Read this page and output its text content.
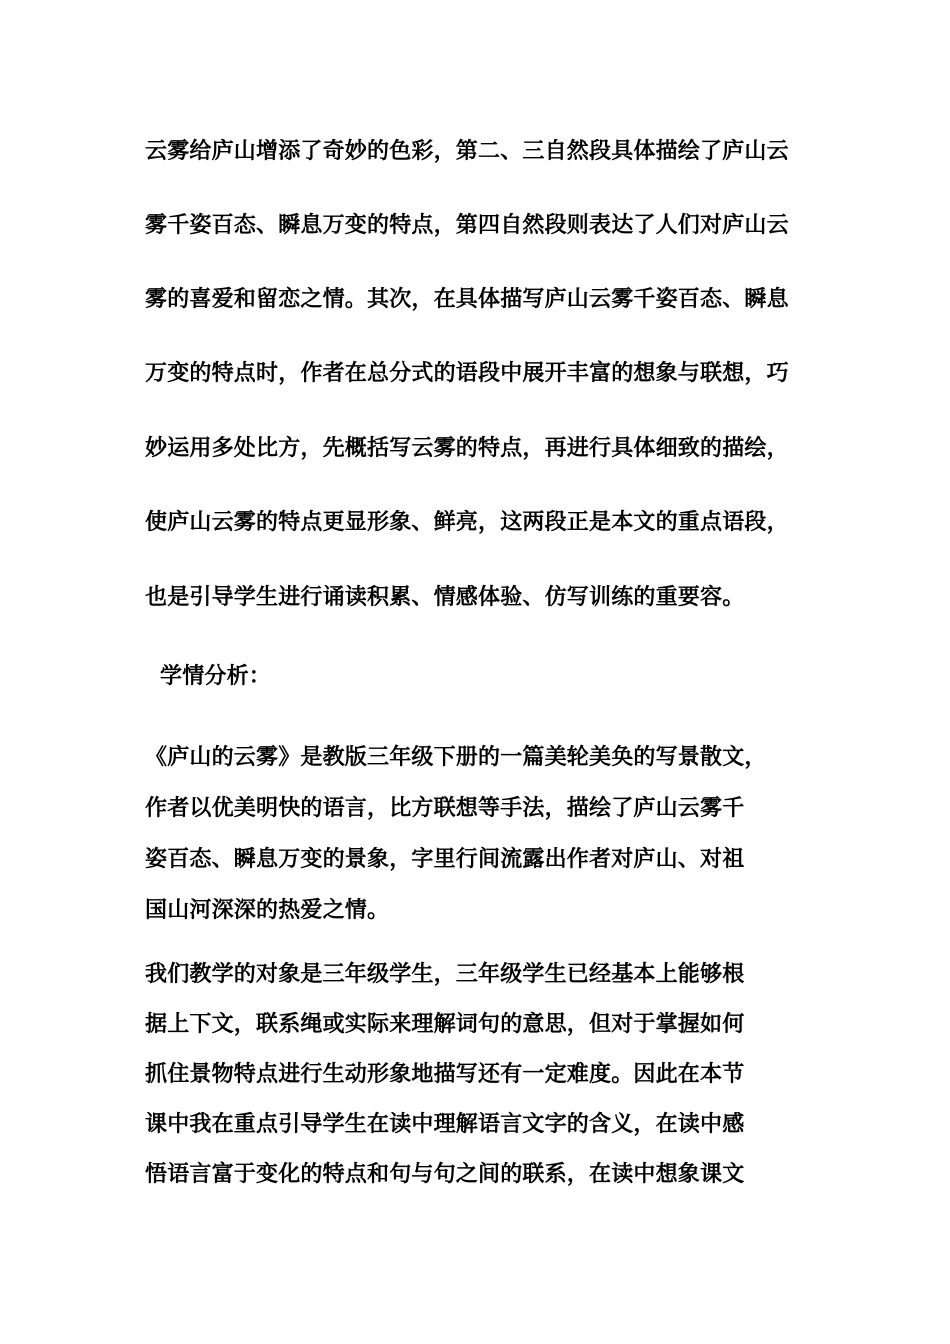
云雾给庐山增添了奇妙的色彩，第二、三自然段具体描绘了庐山云
雾千姿百态、瞬息万变的特点，第四自然段则表达了人们对庐山云
雾的喜爱和留恋之情。其次，在具体描写庐山云雾千姿百态、瞬息
万变的特点时，作者在总分式的语段中展开丰富的想象与联想，巧
妙运用多处比方，先概括写云雾的特点，再进行具体细致的描绘，
使庐山云雾的特点更显形象、鲜亮，这两段正是本文的重点语段，
也是引导学生进行诵读积累、情感体验、仿写训练的重要容。
学情分析：
《庐山的云雾》是教版三年级下册的一篇美轮美奂的写景散文，
作者以优美明快的语言，比方联想等手法，描绘了庐山云雾千
姿百态、瞬息万变的景象，字里行间流露出作者对庐山、对祖
国山河深深的热爱之情。
我们教学的对象是三年级学生，三年级学生已经基本上能够根
据上下文，联系绳或实际来理解词句的意思，但对于掌握如何
抓住景物特点进行生动形象地描写还有一定难度。因此在本节
课中我在重点引导学生在读中理解语言文字的含义，在读中感
悟语言富于变化的特点和句与句之间的联系，在读中想象课文
